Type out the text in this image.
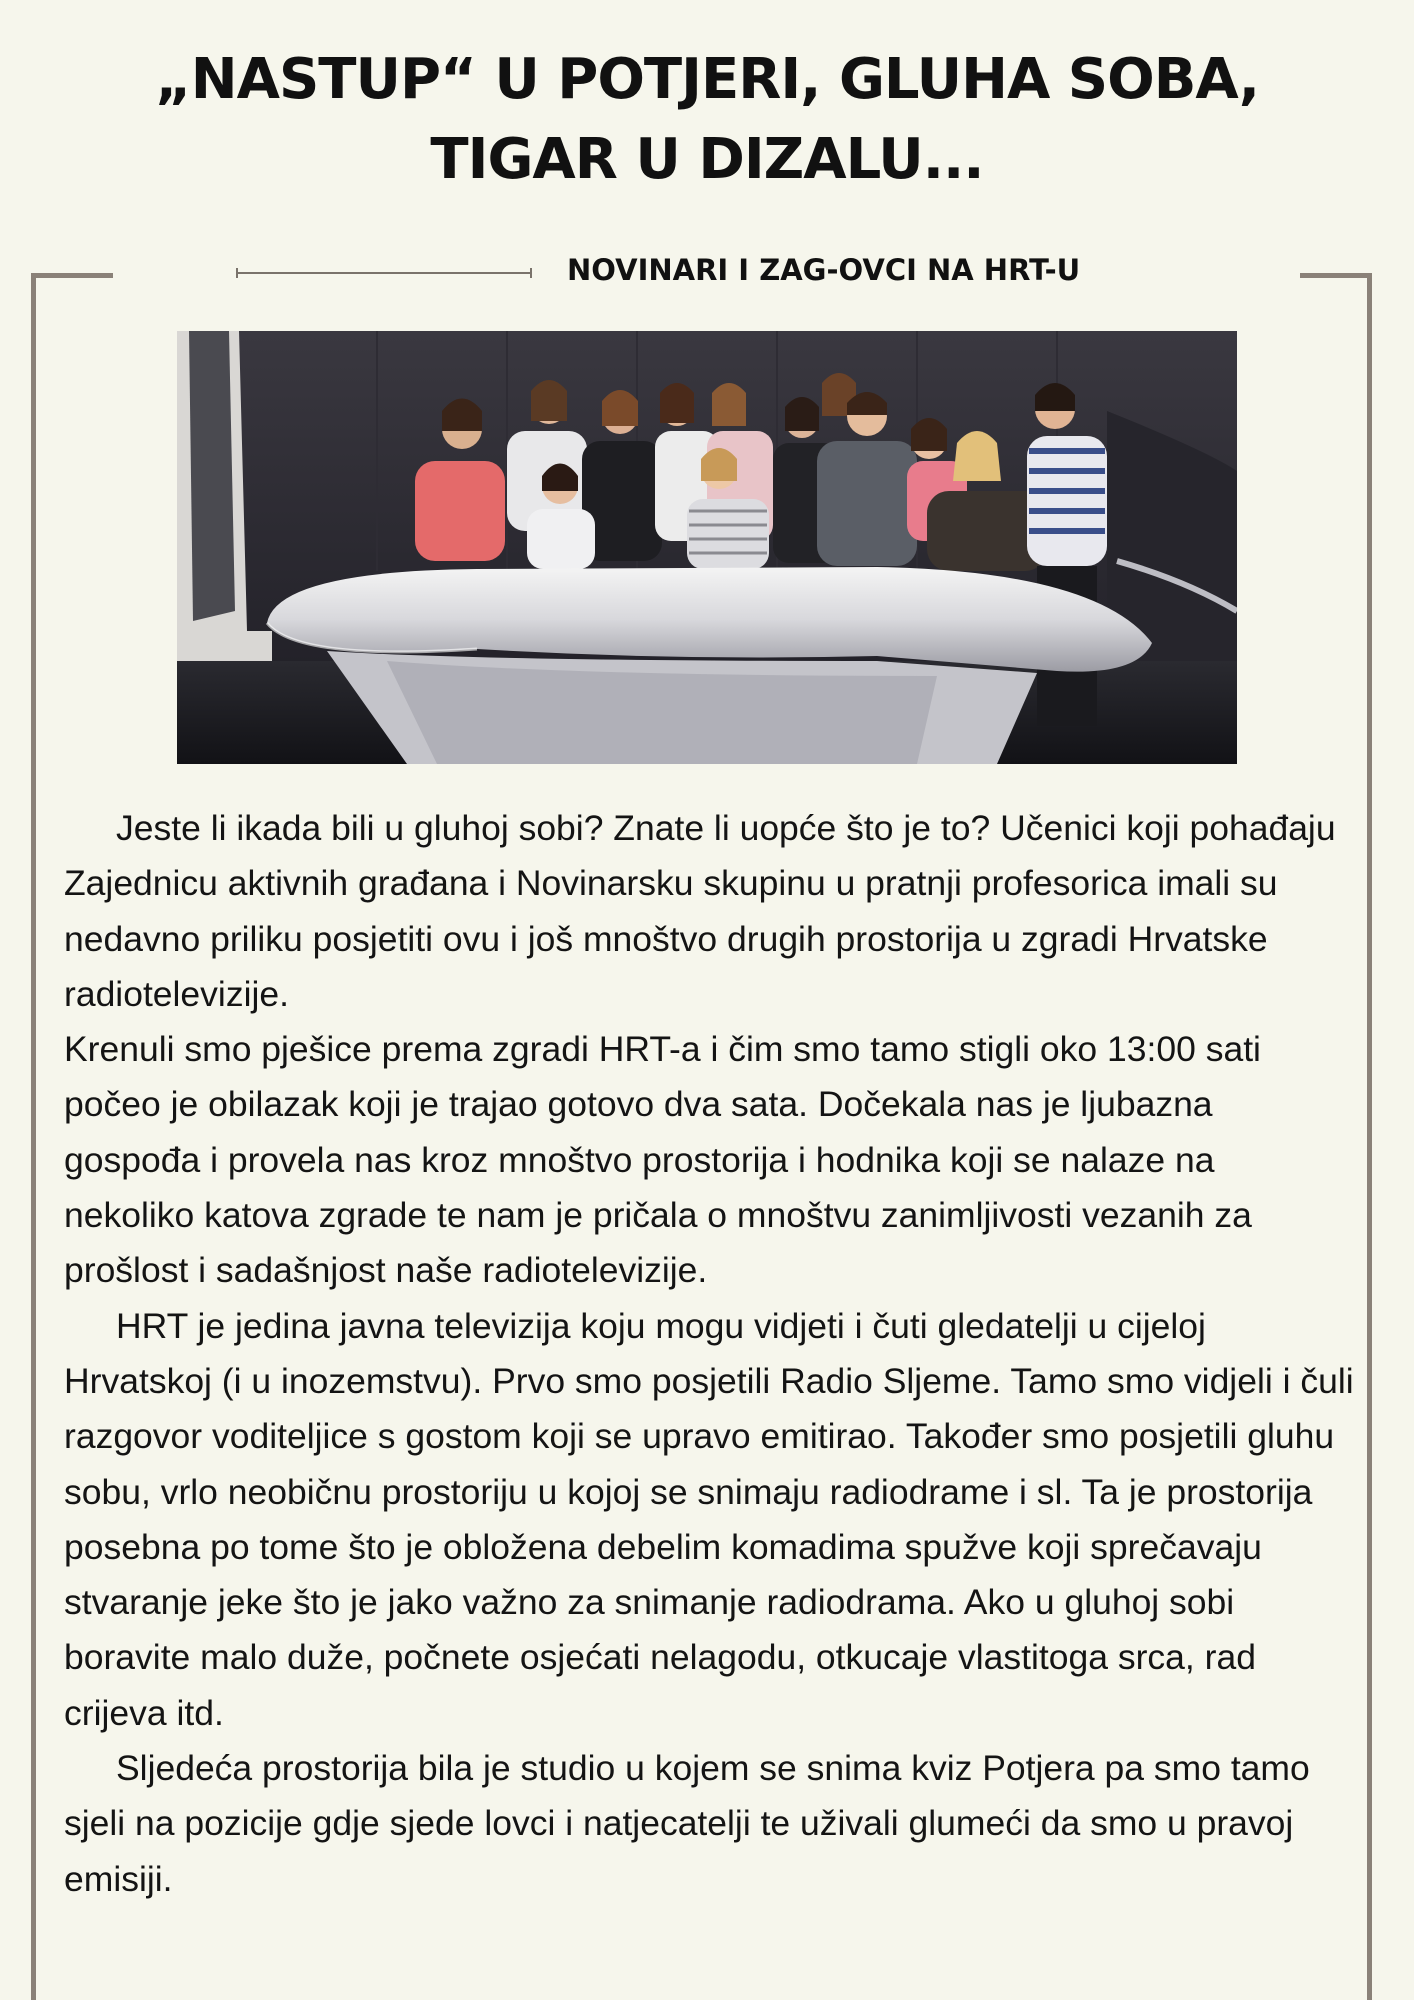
„NASTUP“ U POTJERI, GLUHA SOBA,
TIGAR U DIZALU...
NOVINARI I ZAG-OVCI NA HRT-U

Jeste li ikada bili u gluhoj sobi? Znate li uopće što je to? Učenici koji pohađaju Zajednicu aktivnih građana i Novinarsku skupinu u pratnji profesorica imali su nedavno priliku posjetiti ovu i još mnoštvo drugih prostorija u zgradi Hrvatske radiotelevizije.

Krenuli smo pješice prema zgradi HRT-a i čim smo tamo stigli oko 13:00 sati počeo je obilazak koji je trajao gotovo dva sata. Dočekala nas je ljubazna gospođa i provela nas kroz mnoštvo prostorija i hodnika koji se nalaze na nekoliko katova zgrade te nam je pričala o mnoštvu zanimljivosti vezanih za prošlost i sadašnjost naše radiotelevizije.

HRT je jedina javna televizija koju mogu vidjeti i čuti gledatelji u cijeloj Hrvatskoj (i u inozemstvu). Prvo smo posjetili Radio Sljeme. Tamo smo vidjeli i čuli razgovor voditeljice s gostom koji se upravo emitirao. Također smo posjetili gluhu sobu, vrlo neobičnu prostoriju u kojoj se snimaju radiodrame i sl. Ta je prostorija posebna po tome što je obložena debelim komadima spužve koji sprečavaju stvaranje jeke što je jako važno za snimanje radiodrama. Ako u gluhoj sobi boravite malo duže, počnete osjećati nelagodu, otkucaje vlastitoga srca, rad crijeva itd.

Sljedeća prostorija bila je studio u kojem se snima kviz Potjera pa smo tamo sjeli na pozicije gdje sjede lovci i natjecatelji te uživali glumeći da smo u pravoj emisiji.
